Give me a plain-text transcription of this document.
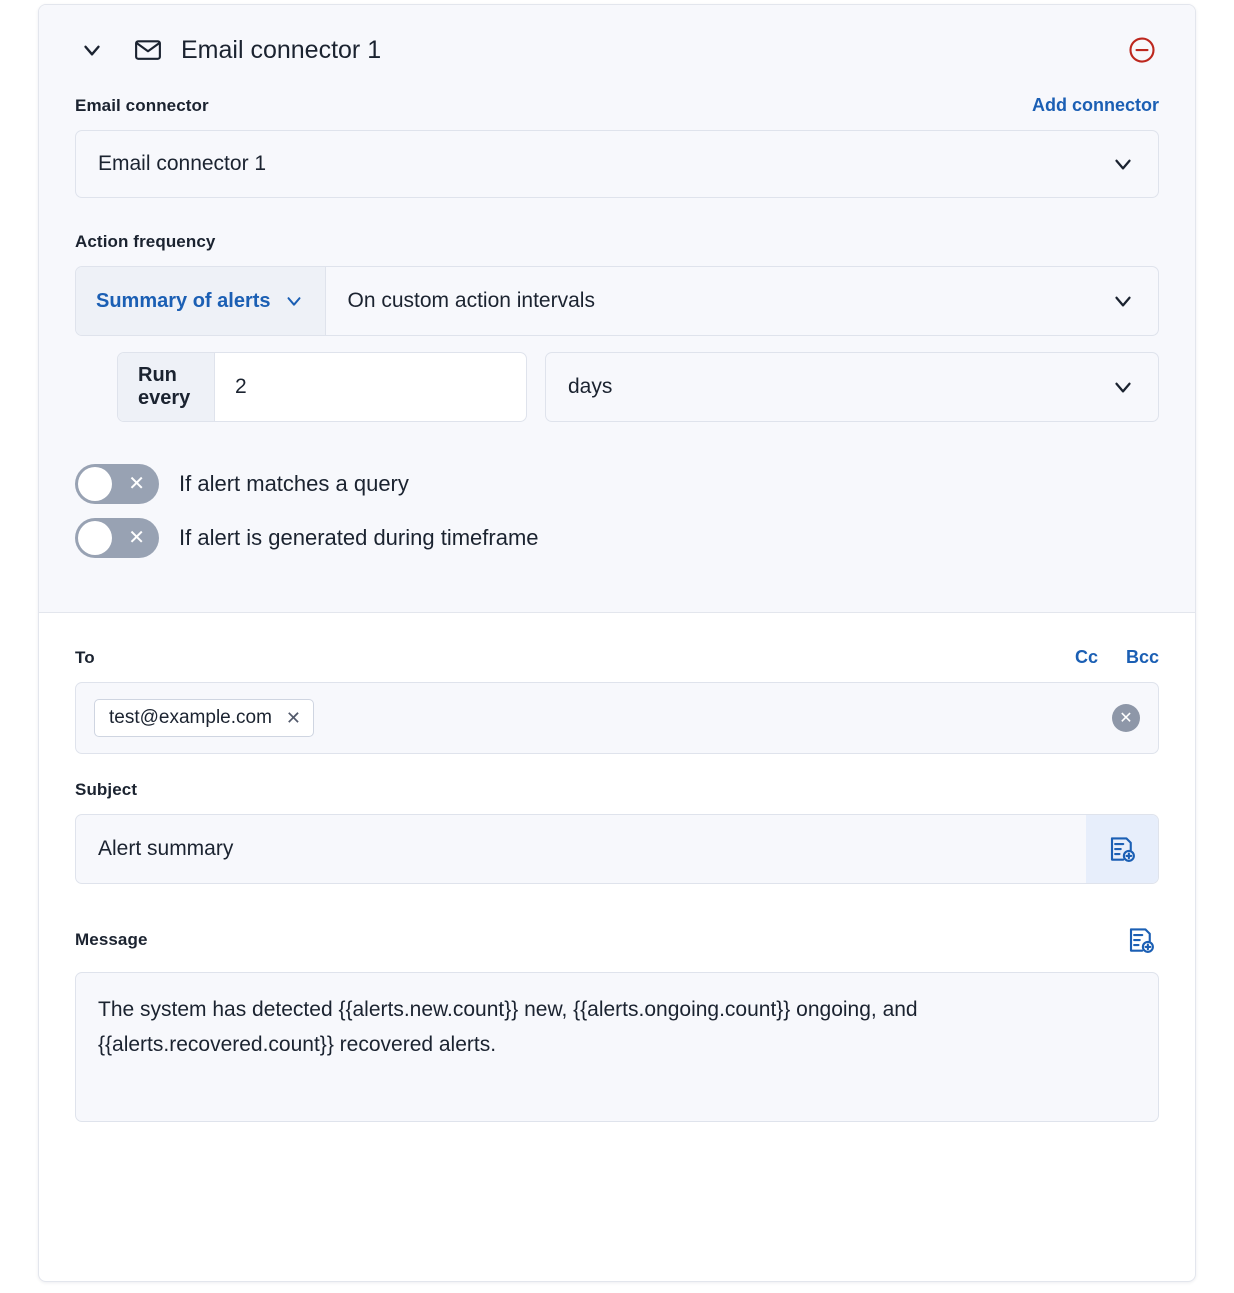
Email connector 1
Email connector	Add connector
Email connector 1
Action frequency
Summary of alerts	On custom action intervals
Run every
2	days
✕ If alert matches a query
✕ If alert is generated during timeframe
To	Cc Bcc
test@example.com ✕	✕
Subject
Alert summary
Message
The system has detected {{alerts.new.count}} new, {{alerts.ongoing.count}} ongoing, and {{alerts.recovered.count}} recovered alerts.
